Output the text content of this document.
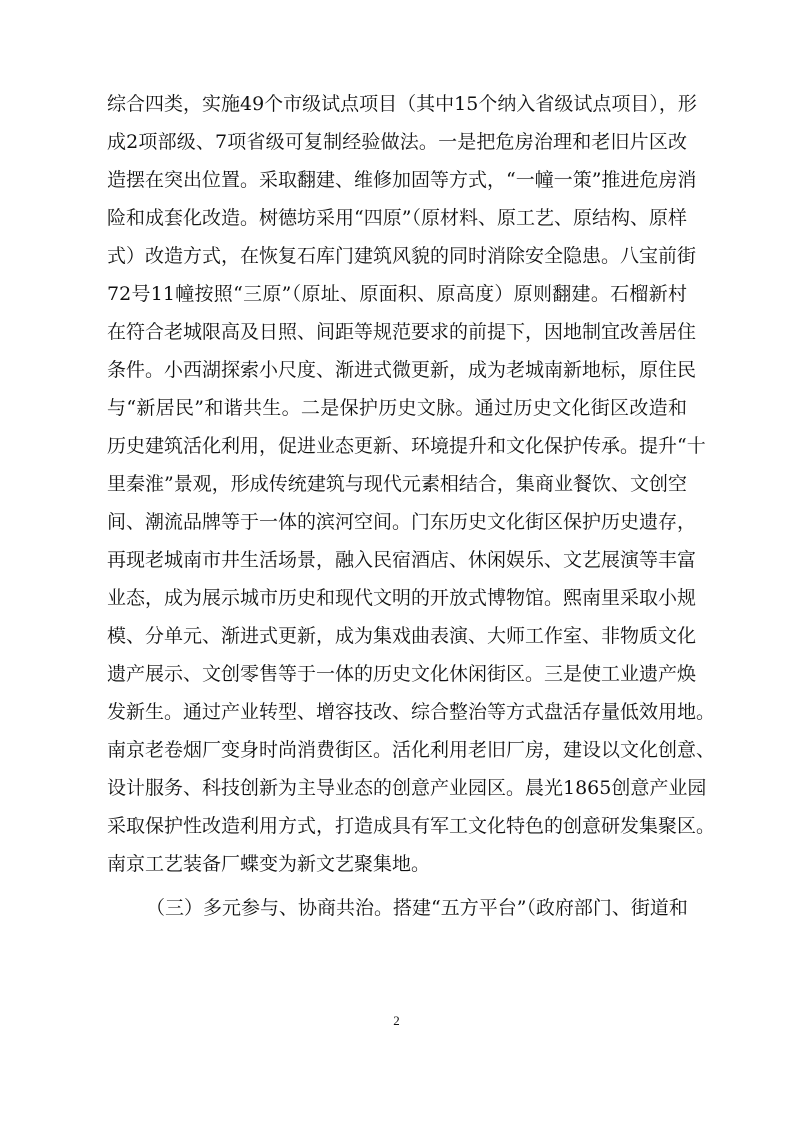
综合四类，实施49个市级试点项目（其中15个纳入省级试点项目），形
成2项部级、7项省级可复制经验做法。一是把危房治理和老旧片区改
造摆在突出位置。采取翻建、维修加固等方式，“一幢一策”推进危房消
险和成套化改造。树德坊采用“四原”（原材料、原工艺、原结构、原样
式）改造方式，在恢复石库门建筑风貌的同时消除安全隐患。八宝前街
72号11幢按照“三原”（原址、原面积、原高度）原则翻建。石榴新村
在符合老城限高及日照、间距等规范要求的前提下，因地制宜改善居住
条件。小西湖探索小尺度、渐进式微更新，成为老城南新地标，原住民
与“新居民”和谐共生。二是保护历史文脉。通过历史文化街区改造和
历史建筑活化利用，促进业态更新、环境提升和文化保护传承。提升“十
里秦淮”景观，形成传统建筑与现代元素相结合，集商业餐饮、文创空
间、潮流品牌等于一体的滨河空间。门东历史文化街区保护历史遗存，
再现老城南市井生活场景，融入民宿酒店、休闲娱乐、文艺展演等丰富
业态，成为展示城市历史和现代文明的开放式博物馆。熙南里采取小规
模、分单元、渐进式更新，成为集戏曲表演、大师工作室、非物质文化
遗产展示、文创零售等于一体的历史文化休闲街区。三是使工业遗产焕
发新生。通过产业转型、增容技改、综合整治等方式盘活存量低效用地。
南京老卷烟厂变身时尚消费街区。活化利用老旧厂房，建设以文化创意、
设计服务、科技创新为主导业态的创意产业园区。晨光1865创意产业园
采取保护性改造利用方式，打造成具有军工文化特色的创意研发集聚区。
南京工艺装备厂蝶变为新文艺聚集地。
（三）多元参与、协商共治。搭建“五方平台”（政府部门、街道和
2
